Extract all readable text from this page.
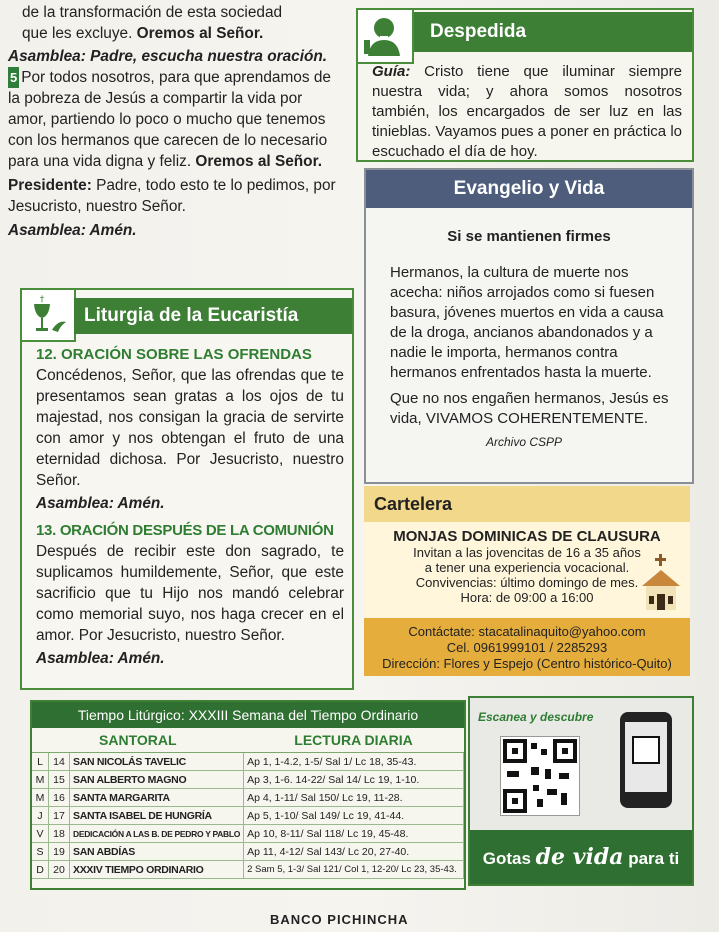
de la transformación de esta sociedad
que les excluye. Oremos al Señor.

Asamblea: Padre, escucha nuestra oración.

5 Por todos nosotros, para que aprendamos de la pobreza de Jesús a compartir la vida por amor, partiendo lo poco o mucho que tenemos con los hermanos que carecen de lo necesario para una vida digna y feliz. Oremos al Señor.

Presidente: Padre, todo esto te lo pedimos, por Jesucristo, nuestro Señor.

Asamblea: Amén.

†
Liturgia de la Eucaristía

12. ORACIÓN SOBRE LAS OFRENDAS

Concédenos, Señor, que las ofrendas que te presentamos sean gratas a los ojos de tu majestad, nos consigan la gracia de servirte con amor y nos obtengan el fruto de una eternidad dichosa. Por Jesucristo, nuestro Señor.

Asamblea: Amén.

13. ORACIÓN DESPUÉS DE LA COMUNIÓN

Después de recibir este don sagrado, te suplicamos humildemente, Señor, que este sacrificio que tu Hijo nos mandó celebrar como memorial suyo, nos haga crecer en el amor. Por Jesucristo, nuestro Señor.

Asamblea: Amén.

Despedida

Guía: Cristo tiene que iluminar siempre nuestra vida; y ahora somos nosotros también, los encargados de ser luz en las tinieblas. Vayamos pues a poner en práctica lo escuchado el día de hoy.

Evangelio y Vida

Si se mantienen firmes

Hermanos, la cultura de muerte nos acecha: niños arrojados como si fuesen basura, jóvenes muertos en vida a causa de la droga, ancianos abandonados y a nadie le importa, hermanos contra hermanos enfrentados hasta la muerte.

Que no nos engañen hermanos, Jesús es vida, VIVAMOS COHERENTEMENTE.

Archivo CSPP

Cartelera

MONJAS DOMINICAS DE CLAUSURA

Invitan a las jovencitas de 16 a 35 años

a tener una experiencia vocacional.

Convivencias: último domingo de mes.

Hora: de 09:00 a 16:00

Contáctate: stacatalinaquito@yahoo.com

Cel. 0961999101 / 2285293

Dirección: Flores y Espejo (Centro histórico-Quito)

Tiempo Litúrgico: XXXIII Semana del Tiempo Ordinario
SANTORAL			LECTURA DIARIA
L	14	SAN NICOLÁS TAVELIC	Ap 1, 1-4.2, 1-5/ Sal 1/ Lc 18, 35-43.
M	15	SAN ALBERTO MAGNO	Ap 3, 1-6. 14-22/ Sal 14/ Lc 19, 1-10.
M	16	SANTA MARGARITA	Ap 4, 1-11/ Sal 150/ Lc 19, 11-28.
J	17	SANTA ISABEL DE HUNGRÍA	Ap 5, 1-10/ Sal 149/ Lc 19, 41-44.
V	18	DEDICACIÓN A LAS B. DE PEDRO Y PABLO	Ap 10, 8-11/ Sal 118/ Lc 19, 45-48.
S	19	SAN ABDÍAS	Ap 11, 4-12/ Sal 143/ Lc 20, 27-40.
D	20	XXXIV TIEMPO ORDINARIO	2 Sam 5, 1-3/ Sal 121/ Col 1, 12-20/ Lc 23, 35-43.
Escanea y descubre
Gotas de vida para ti
BANCO PICHINCHA
